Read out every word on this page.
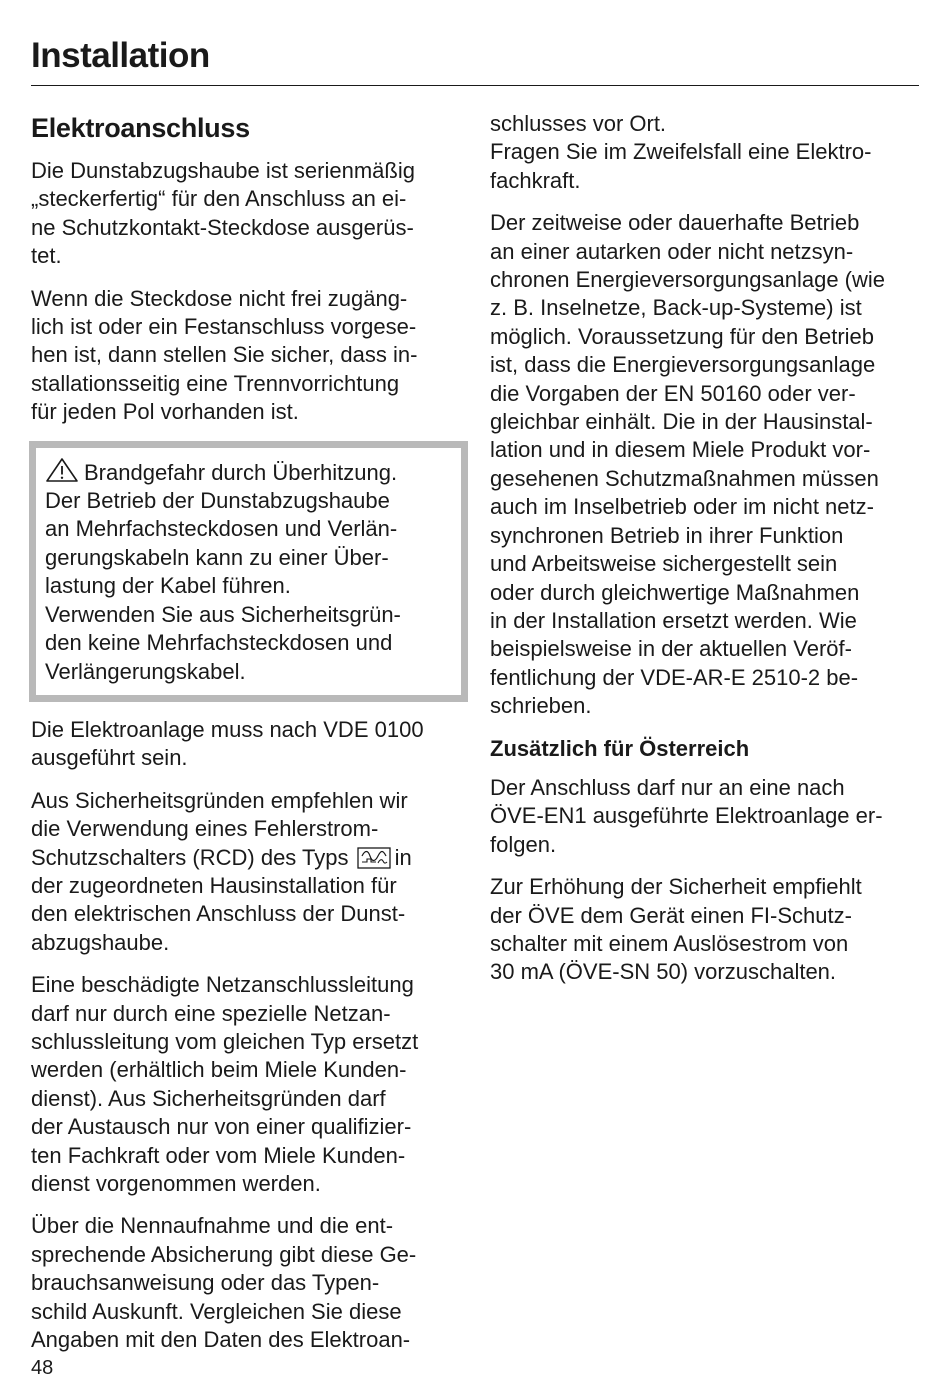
Installation
Elektroanschluss

Die Dunstabzugshaube ist serienmäßig
„steckerfertig“ für den Anschluss an ei-
ne Schutzkontakt-Steckdose ausgerüs-
tet.

Wenn die Steckdose nicht frei zugäng-
lich ist oder ein Festanschluss vorgese-
hen ist, dann stellen Sie sicher, dass in-
stallationsseitig eine Trennvorrichtung
für jeden Pol vorhanden ist.

Brandgefahr durch Überhitzung.
Der Betrieb der Dunstabzugshaube
an Mehrfachsteckdosen und Verlän-
gerungskabeln kann zu einer Über-
lastung der Kabel führen.

Verwenden Sie aus Sicherheitsgrün-
den keine Mehrfachsteckdosen und
Verlängerungskabel.

Die Elektroanlage muss nach VDE 0100
ausgeführt sein.

Aus Sicherheitsgründen empfehlen wir
die Verwendung eines Fehlerstrom-
Schutzschalters (RCD) des Typs in
der zugeordneten Hausinstallation für
den elektrischen Anschluss der Dunst-
abzugshaube.

Eine beschädigte Netzanschlussleitung
darf nur durch eine spezielle Netzan-
schlussleitung vom gleichen Typ ersetzt
werden (erhältlich beim Miele Kunden-
dienst). Aus Sicherheitsgründen darf
der Austausch nur von einer qualifizier-
ten Fachkraft oder vom Miele Kunden-
dienst vorgenommen werden.

Über die Nennaufnahme und die ent-
sprechende Absicherung gibt diese Ge-
brauchsanweisung oder das Typen-
schild Auskunft. Vergleichen Sie diese
Angaben mit den Daten des Elektroan-

schlusses vor Ort.
Fragen Sie im Zweifelsfall eine Elektro-
fachkraft.

Der zeitweise oder dauerhafte Betrieb
an einer autarken oder nicht netzsyn-
chronen Energieversorgungsanlage (wie
z. B. Inselnetze, Back-up-Systeme) ist
möglich. Voraussetzung für den Betrieb
ist, dass die Energieversorgungsanlage
die Vorgaben der EN 50160 oder ver-
gleichbar einhält. Die in der Hausinstal-
lation und in diesem Miele Produkt vor-
gesehenen Schutzmaßnahmen müssen
auch im Inselbetrieb oder im nicht netz-
synchronen Betrieb in ihrer Funktion
und Arbeitsweise sichergestellt sein
oder durch gleichwertige Maßnahmen
in der Installation ersetzt werden. Wie
beispielsweise in der aktuellen Veröf-
fentlichung der VDE-AR-E 2510-2 be-
schrieben.

Zusätzlich für Österreich

Der Anschluss darf nur an eine nach
ÖVE-EN1 ausgeführte Elektroanlage er-
folgen.

Zur Erhöhung der Sicherheit empfiehlt
der ÖVE dem Gerät einen FI-Schutz-
schalter mit einem Auslösestrom von
30 mA (ÖVE-SN 50) vorzuschalten.

48
